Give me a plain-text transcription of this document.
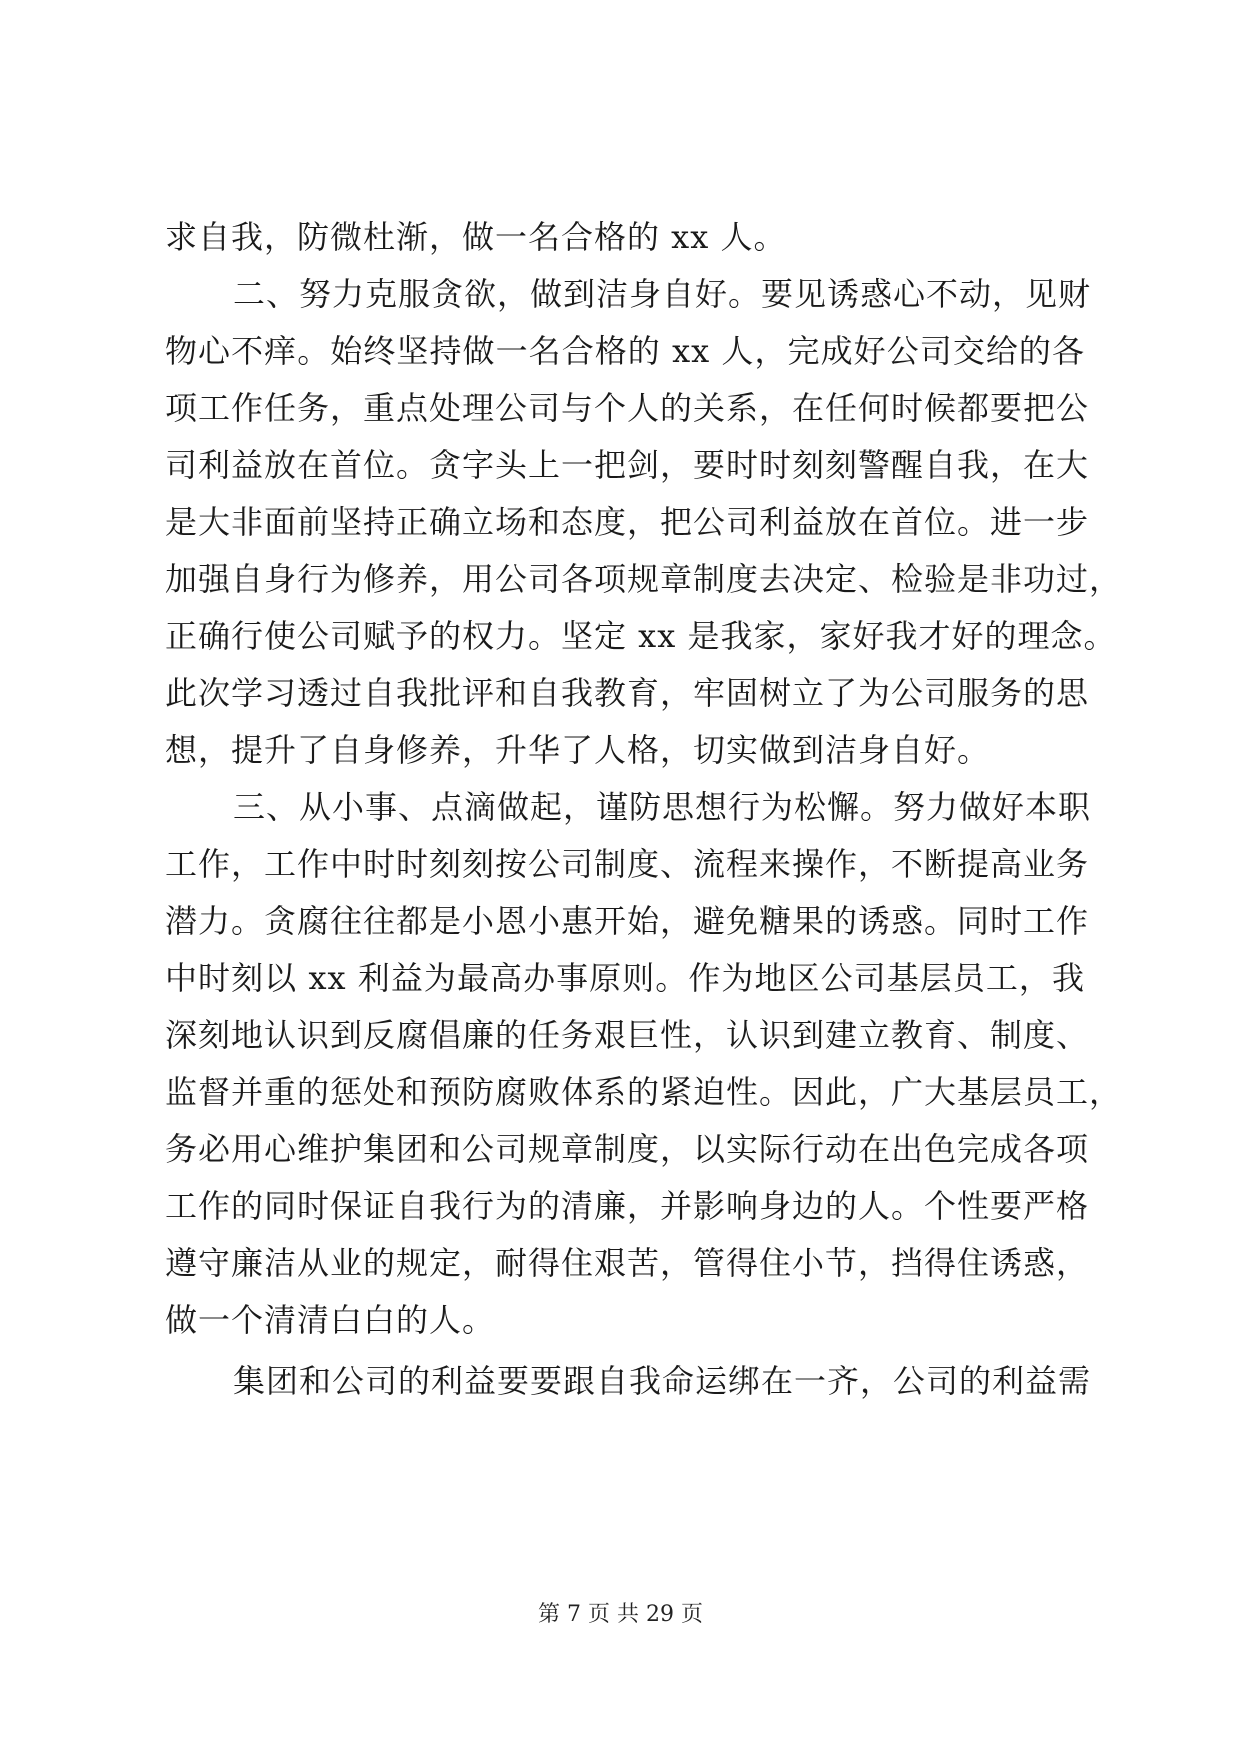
求自我，防微杜渐，做一名合格的 xx 人。
二、努力克服贪欲，做到洁身自好。要见诱惑心不动，见财
物心不痒。始终坚持做一名合格的 xx 人，完成好公司交给的各
项工作任务，重点处理公司与个人的关系，在任何时候都要把公
司利益放在首位。贪字头上一把剑，要时时刻刻警醒自我，在大
是大非面前坚持正确立场和态度，把公司利益放在首位。进一步
加强自身行为修养，用公司各项规章制度去决定、检验是非功过，
正确行使公司赋予的权力。坚定 xx 是我家，家好我才好的理念。
此次学习透过自我批评和自我教育，牢固树立了为公司服务的思
想，提升了自身修养，升华了人格，切实做到洁身自好。
三、从小事、点滴做起，谨防思想行为松懈。努力做好本职
工作，工作中时时刻刻按公司制度、流程来操作，不断提高业务
潜力。贪腐往往都是小恩小惠开始，避免糖果的诱惑。同时工作
中时刻以 xx 利益为最高办事原则。作为地区公司基层员工，我
深刻地认识到反腐倡廉的任务艰巨性，认识到建立教育、制度、
监督并重的惩处和预防腐败体系的紧迫性。因此，广大基层员工，
务必用心维护集团和公司规章制度，以实际行动在出色完成各项
工作的同时保证自我行为的清廉，并影响身边的人。个性要严格
遵守廉洁从业的规定，耐得住艰苦，管得住小节，挡得住诱惑，
做一个清清白白的人。
集团和公司的利益要要跟自我命运绑在一齐，公司的利益需
第 7 页 共 29 页
